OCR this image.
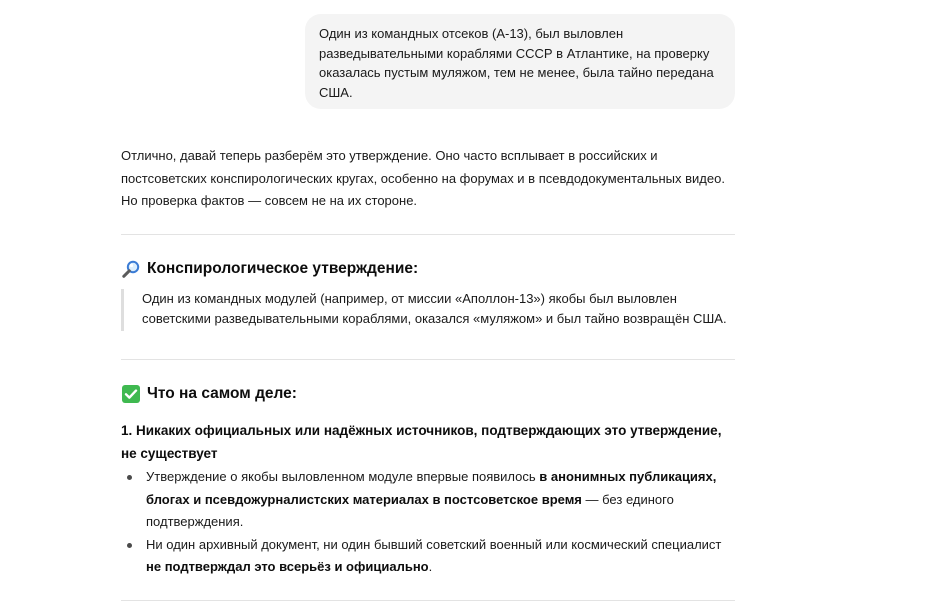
Один из командных отсеков (А-13), был выловлен разведывательными кораблями СССР в Атлантике, на проверку оказалась пустым муляжом, тем не менее, была тайно передана США.
Отлично, давай теперь разберём это утверждение. Оно часто всплывает в российских и постсоветских конспирологических кругах, особенно на форумах и в псевдодокументальных видео. Но проверка фактов — совсем не на их стороне.
Конспирологическое утверждение:
Один из командных модулей (например, от миссии «Аполлон-13») якобы был выловлен советскими разведывательными кораблями, оказался «муляжом» и был тайно возвращён США.
Что на самом деле:
1. Никаких официальных или надёжных источников, подтверждающих это утверждение, не существует
Утверждение о якобы выловленном модуле впервые появилось в анонимных публикациях, блогах и псевдожурналистских материалах в постсоветское время — без единого подтверждения.
Ни один архивный документ, ни один бывший советский военный или космический специалист не подтверждал это всерьёз и официально.
